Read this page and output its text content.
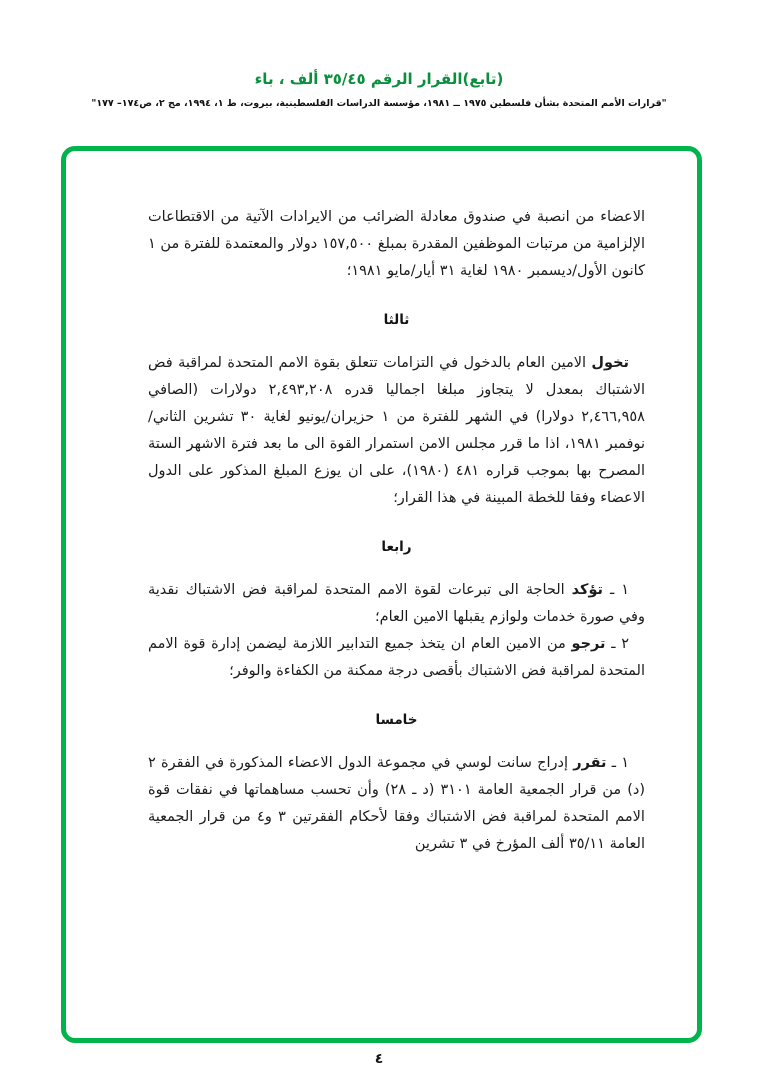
(تابع)القرار الرقم ٣٥/٤٥ ألف ، باء
"قرارات الأمم المتحدة بشأن فلسطين ١٩٧٥ ــ ١٩٨١، مؤسسة الدراسات الفلسطينية، بيروت، ط ١، ١٩٩٤، مج ٢، ص١٧٤– ١٧٧"

الاعضاء من انصبة في صندوق معادلة الضرائب من الايرادات الآتية من الاقتطاعات الإلزامية من مرتبات الموظفين المقدرة بمبلغ ١٥٧,٥٠٠ دولار والمعتمدة للفترة من ١ كانون الأول/ديسمبر ١٩٨٠ لغاية ٣١ أيار/مايو ١٩٨١؛

ثالثا

تخول الامين العام بالدخول في التزامات تتعلق بقوة الامم المتحدة لمراقبة فض الاشتباك بمعدل لا يتجاوز مبلغا اجماليا قدره ٢,٤٩٣,٢٠٨ دولارات (الصافي ٢,٤٦٦,٩٥٨ دولارا) في الشهر للفترة من ١ حزيران/يونيو لغاية ٣٠ تشرين الثاني/نوفمبر ١٩٨١، اذا ما قرر مجلس الامن استمرار القوة الى ما بعد فترة الاشهر الستة المصرح بها بموجب قراره ٤٨١ (١٩٨٠)، على ان يوزع المبلغ المذكور على الدول الاعضاء وفقا للخطة المبينة في هذا القرار؛

رابعا

١ ـ تؤكد الحاجة الى تبرعات لقوة الامم المتحدة لمراقبة فض الاشتباك نقدية وفي صورة خدمات ولوازم يقبلها الامين العام؛

٢ ـ ترجو من الامين العام ان يتخذ جميع التدابير اللازمة ليضمن إدارة قوة الامم المتحدة لمراقبة فض الاشتباك بأقصى درجة ممكنة من الكفاءة والوفر؛

خامسا

١ ـ تقرر إدراج سانت لوسي في مجموعة الدول الاعضاء المذكورة في الفقرة ٢ (د) من قرار الجمعية العامة ٣١٠١ (د ـ ٢٨) وأن تحسب مساهماتها في نفقات قوة الامم المتحدة لمراقبة فض الاشتباك وفقا لأحكام الفقرتين ٣ و٤ من قرار الجمعية العامة ٣٥/١١ ألف المؤرخ في ٣ تشرين

٤
